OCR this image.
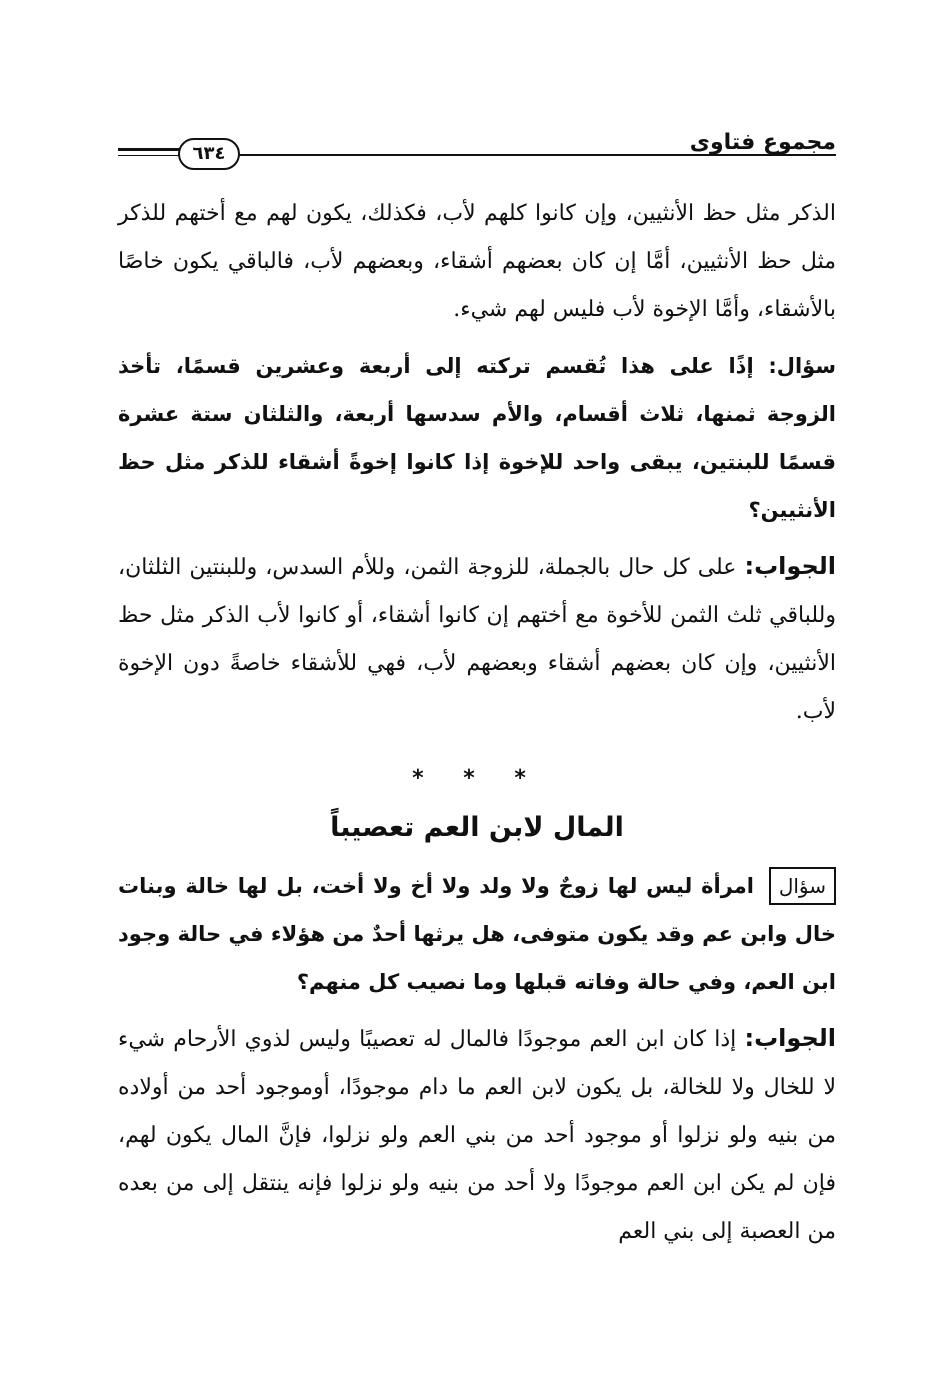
مجموع فتاوى
٦٣٤

الذكر مثل حظ الأنثيين، وإن كانوا كلهم لأب، فكذلك، يكون لهم مع أختهم للذكر مثل حظ الأنثيين، أمَّا إن كان بعضهم أشقاء، وبعضهم لأب، فالباقي يكون خاصًا بالأشقاء، وأمَّا الإخوة لأب فليس لهم شيء.

سؤال: إذًا على هذا تُقسم تركته إلى أربعة وعشرين قسمًا، تأخذ الزوجة ثمنها، ثلاث أقسام، والأم سدسها أربعة، والثلثان ستة عشرة قسمًا للبنتين، يبقى واحد للإخوة إذا كانوا إخوةً أشقاء للذكر مثل حظ الأنثيين؟

الجواب: على كل حال بالجملة، للزوجة الثمن، وللأم السدس، وللبنتين الثلثان، وللباقي ثلث الثمن للأخوة مع أختهم إن كانوا أشقاء، أو كانوا لأب الذكر مثل حظ الأنثيين، وإن كان بعضهم أشقاء وبعضهم لأب، فهي للأشقاء خاصةً دون الإخوة لأب.

* * *
المال لابن العم تعصيباً

سؤال امرأة ليس لها زوجٌ ولا ولد ولا أخ ولا أخت، بل لها خالة وبنات خال وابن عم وقد يكون متوفى، هل يرثها أحدٌ من هؤلاء في حالة وجود ابن العم، وفي حالة وفاته قبلها وما نصيب كل منهم؟

الجواب: إذا كان ابن العم موجودًا فالمال له تعصيبًا وليس لذوي الأرحام شيء لا للخال ولا للخالة، بل يكون لابن العم ما دام موجودًا، أوموجود أحد من أولاده من بنيه ولو نزلوا أو موجود أحد من بني العم ولو نزلوا، فإنَّ المال يكون لهم، فإن لم يكن ابن العم موجودًا ولا أحد من بنيه ولو نزلوا فإنه ينتقل إلى من بعده من العصبة إلى بني العم
